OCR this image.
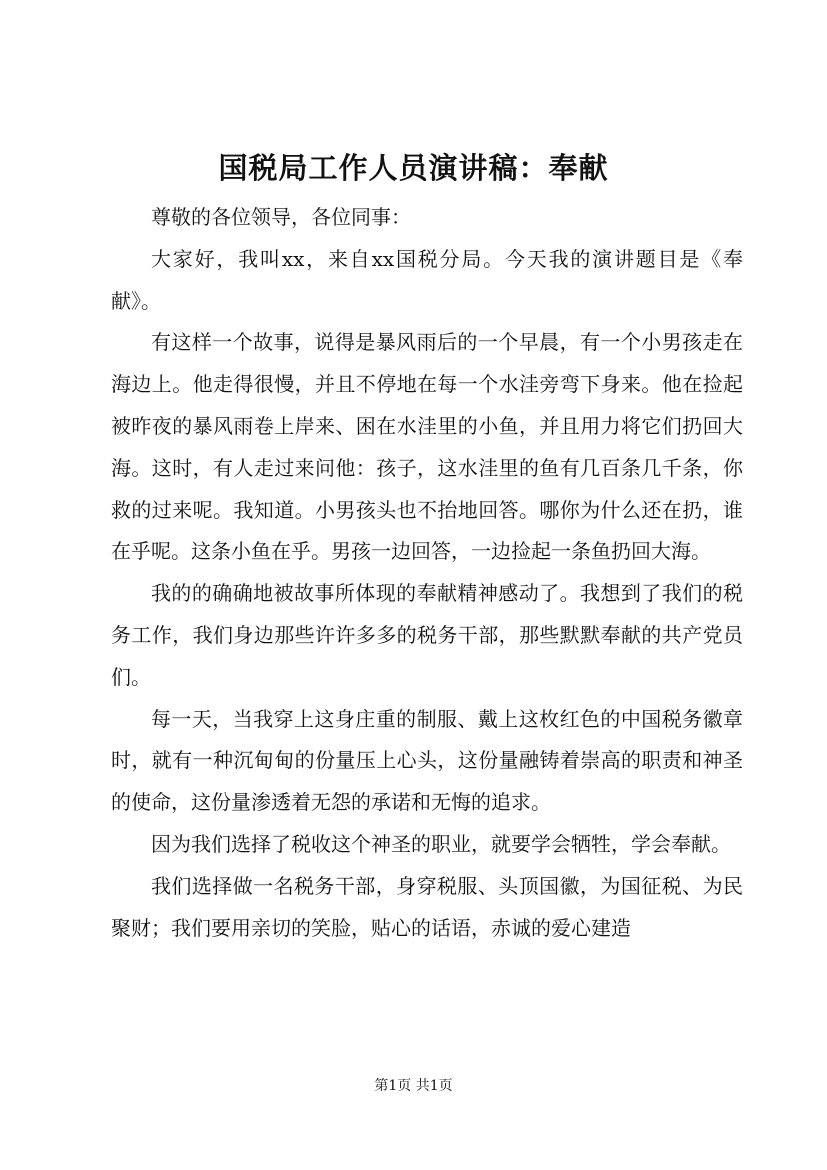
国税局工作人员演讲稿：奉献

尊敬的各位领导，各位同事：

大家好，我叫xx，来自xx国税分局。今天我的演讲题目是《奉献》。

有这样一个故事，说得是暴风雨后的一个早晨，有一个小男孩走在海边上。他走得很慢，并且不停地在每一个水洼旁弯下身来。他在捡起被昨夜的暴风雨卷上岸来、困在水洼里的小鱼，并且用力将它们扔回大海。这时，有人走过来问他：孩子，这水洼里的鱼有几百条几千条，你救的过来呢。我知道。小男孩头也不抬地回答。哪你为什么还在扔，谁在乎呢。这条小鱼在乎。男孩一边回答，一边捡起一条鱼扔回大海。

我的的确确地被故事所体现的奉献精神感动了。我想到了我们的税务工作，我们身边那些许许多多的税务干部，那些默默奉献的共产党员们。

每一天，当我穿上这身庄重的制服、戴上这枚红色的中国税务徽章时，就有一种沉甸甸的份量压上心头，这份量融铸着崇高的职责和神圣的使命，这份量渗透着无怨的承诺和无悔的追求。

因为我们选择了税收这个神圣的职业，就要学会牺牲，学会奉献。

我们选择做一名税务干部，身穿税服、头顶国徽，为国征税、为民聚财；我们要用亲切的笑脸，贴心的话语，赤诚的爱心建造

第1页 共1页
